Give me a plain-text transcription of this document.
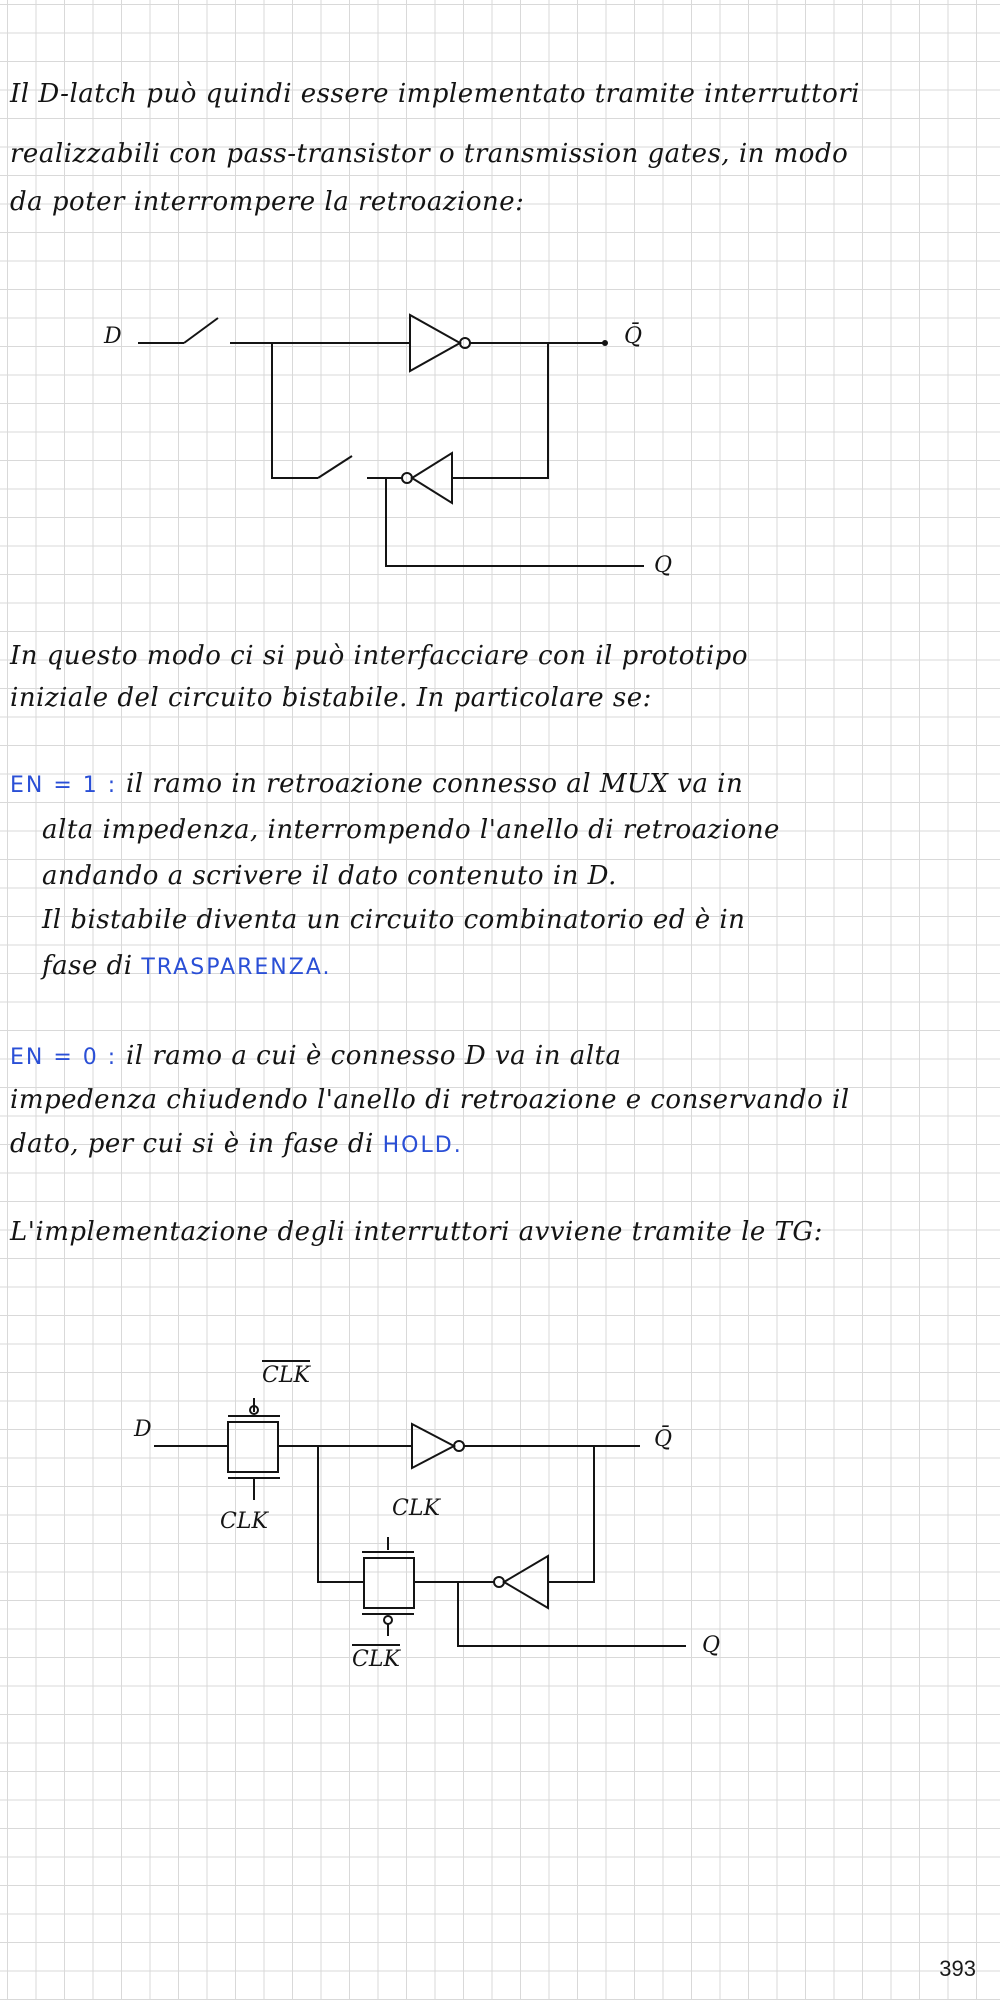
Il D-latch può quindi essere implementato tramite interruttori
realizzabili con pass-transistor o transmission gates, in modo
da poter interrompere la retroazione:
D	Q̄
Q
In questo modo ci si può interfacciare con il prototipo
iniziale del circuito bistabile. In particolare se:
EN = 1 : il ramo in retroazione connesso al MUX va in
alta impedenza, interrompendo l'anello di retroazione
andando a scrivere il dato contenuto in D.
Il bistabile diventa un circuito combinatorio ed è in
fase di TRASPARENZA.
EN = 0 : il ramo a cui è connesso D va in alta
impedenza chiudendo l'anello di retroazione e conservando il
dato, per cui si è in fase di HOLD.
L'implementazione degli interruttori avviene tramite le TG:
CLK
D
CLK
Q̄
CLK
CLK
Q
393
